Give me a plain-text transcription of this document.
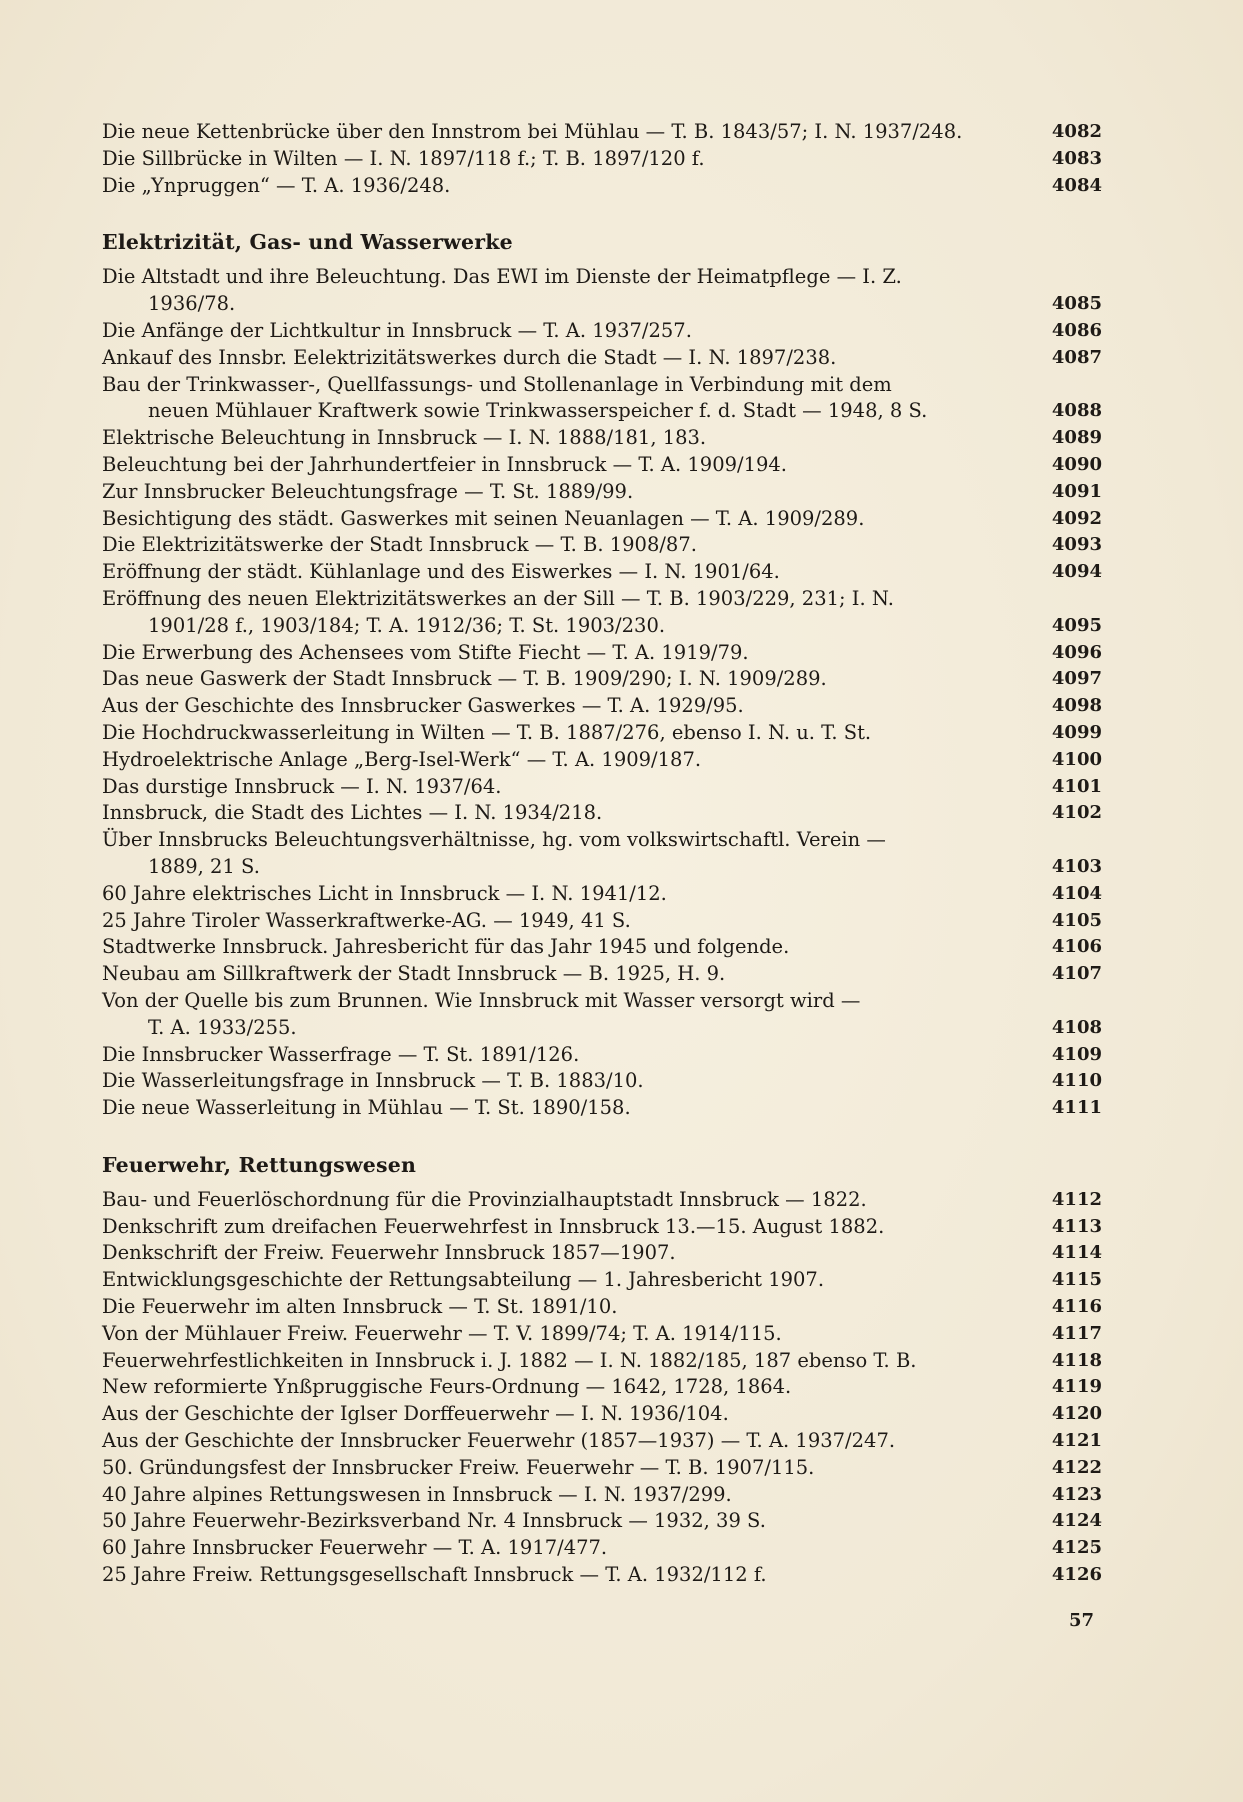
Die neue Kettenbrücke über den Innstrom bei Mühlau — T. B. 1843/57; I. N. 1937/248.	4082
Die Sillbrücke in Wilten — I. N. 1897/118 f.; T. B. 1897/120 f.	4083
Die „Ynpruggen“ — T. A. 1936/248.	4084
Elektrizität, Gas- und Wasserwerke
Die Altstadt und ihre Beleuchtung. Das EWI im Dienste der Heimatpflege — I. Z.
1936/78.	4085
Die Anfänge der Lichtkultur in Innsbruck — T. A. 1937/257.	4086
Ankauf des Innsbr. Eelektrizitätswerkes durch die Stadt — I. N. 1897/238.	4087
Bau der Trinkwasser-, Quellfassungs- und Stollenanlage in Verbindung mit dem
neuen Mühlauer Kraftwerk sowie Trinkwasserspeicher f. d. Stadt — 1948, 8 S.	4088
Elektrische Beleuchtung in Innsbruck — I. N. 1888/181, 183.	4089
Beleuchtung bei der Jahrhundertfeier in Innsbruck — T. A. 1909/194.	4090
Zur Innsbrucker Beleuchtungsfrage — T. St. 1889/99.	4091
Besichtigung des städt. Gaswerkes mit seinen Neuanlagen — T. A. 1909/289.	4092
Die Elektrizitätswerke der Stadt Innsbruck — T. B. 1908/87.	4093
Eröffnung der städt. Kühlanlage und des Eiswerkes — I. N. 1901/64.	4094
Eröffnung des neuen Elektrizitätswerkes an der Sill — T. B. 1903/229, 231; I. N.
1901/28 f., 1903/184; T. A. 1912/36; T. St. 1903/230.	4095
Die Erwerbung des Achensees vom Stifte Fiecht — T. A. 1919/79.	4096
Das neue Gaswerk der Stadt Innsbruck — T. B. 1909/290; I. N. 1909/289.	4097
Aus der Geschichte des Innsbrucker Gaswerkes — T. A. 1929/95.	4098
Die Hochdruckwasserleitung in Wilten — T. B. 1887/276, ebenso I. N. u. T. St.	4099
Hydroelektrische Anlage „Berg-Isel-Werk“ — T. A. 1909/187.	4100
Das durstige Innsbruck — I. N. 1937/64.	4101
Innsbruck, die Stadt des Lichtes — I. N. 1934/218.	4102
Über Innsbrucks Beleuchtungsverhältnisse, hg. vom volkswirtschaftl. Verein —
1889, 21 S.	4103
60 Jahre elektrisches Licht in Innsbruck — I. N. 1941/12.	4104
25 Jahre Tiroler Wasserkraftwerke-AG. — 1949, 41 S.	4105
Stadtwerke Innsbruck. Jahresbericht für das Jahr 1945 und folgende.	4106
Neubau am Sillkraftwerk der Stadt Innsbruck — B. 1925, H. 9.	4107
Von der Quelle bis zum Brunnen. Wie Innsbruck mit Wasser versorgt wird —
T. A. 1933/255.	4108
Die Innsbrucker Wasserfrage — T. St. 1891/126.	4109
Die Wasserleitungsfrage in Innsbruck — T. B. 1883/10.	4110
Die neue Wasserleitung in Mühlau — T. St. 1890/158.	4111
Feuerwehr, Rettungswesen
Bau- und Feuerlöschordnung für die Provinzialhauptstadt Innsbruck — 1822.	4112
Denkschrift zum dreifachen Feuerwehrfest in Innsbruck 13.—15. August 1882.	4113
Denkschrift der Freiw. Feuerwehr Innsbruck 1857—1907.	4114
Entwicklungsgeschichte der Rettungsabteilung — 1. Jahresbericht 1907.	4115
Die Feuerwehr im alten Innsbruck — T. St. 1891/10.	4116
Von der Mühlauer Freiw. Feuerwehr — T. V. 1899/74; T. A. 1914/115.	4117
Feuerwehrfestlichkeiten in Innsbruck i. J. 1882 — I. N. 1882/185, 187 ebenso T. B.	4118
New reformierte Ynßpruggische Feurs-Ordnung — 1642, 1728, 1864.	4119
Aus der Geschichte der Iglser Dorffeuerwehr — I. N. 1936/104.	4120
Aus der Geschichte der Innsbrucker Feuerwehr (1857—1937) — T. A. 1937/247.	4121
50. Gründungsfest der Innsbrucker Freiw. Feuerwehr — T. B. 1907/115.	4122
40 Jahre alpines Rettungswesen in Innsbruck — I. N. 1937/299.	4123
50 Jahre Feuerwehr-Bezirksverband Nr. 4 Innsbruck — 1932, 39 S.	4124
60 Jahre Innsbrucker Feuerwehr — T. A. 1917/477.	4125
25 Jahre Freiw. Rettungsgesellschaft Innsbruck — T. A. 1932/112 f.	4126
57
